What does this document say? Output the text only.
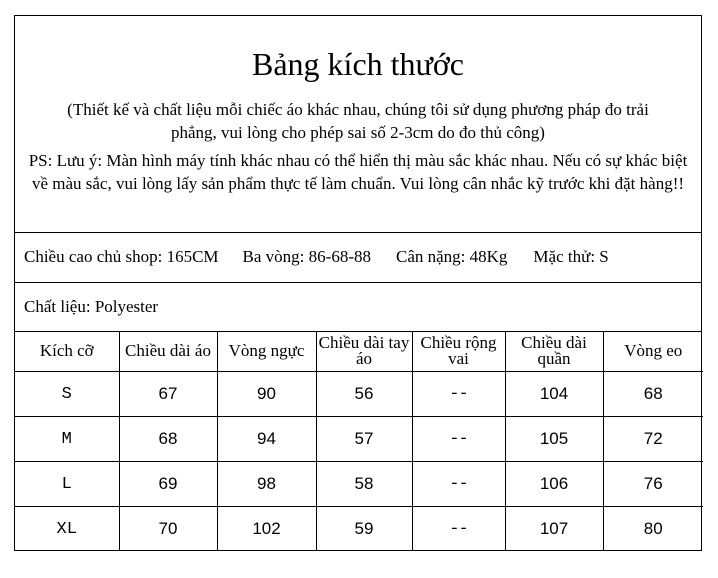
Bảng kích thước
(Thiết kế và chất liệu mỗi chiếc áo khác nhau, chúng tôi sử dụng phương pháp đo trải phẳng, vui lòng cho phép sai số 2-3cm do đo thủ công)
PS: Lưu ý: Màn hình máy tính khác nhau có thể hiển thị màu sắc khác nhau. Nếu có sự khác biệt về màu sắc, vui lòng lấy sản phẩm thực tế làm chuẩn. Vui lòng cân nhắc kỹ trước khi đặt hàng!!
Chiều cao chủ shop: 165CM Ba vòng: 86-68-88 Cân nặng: 48Kg Mặc thử: S
Chất liệu: Polyester
Kích cỡ	Chiều dài áo	Vòng ngực	Chiều dài tay áo	Chiều rộng vai	Chiều dài quần	Vòng eo
S	67	90	56	--	104	68
M	68	94	57	--	105	72
L	69	98	58	--	106	76
XL	70	102	59	--	107	80
